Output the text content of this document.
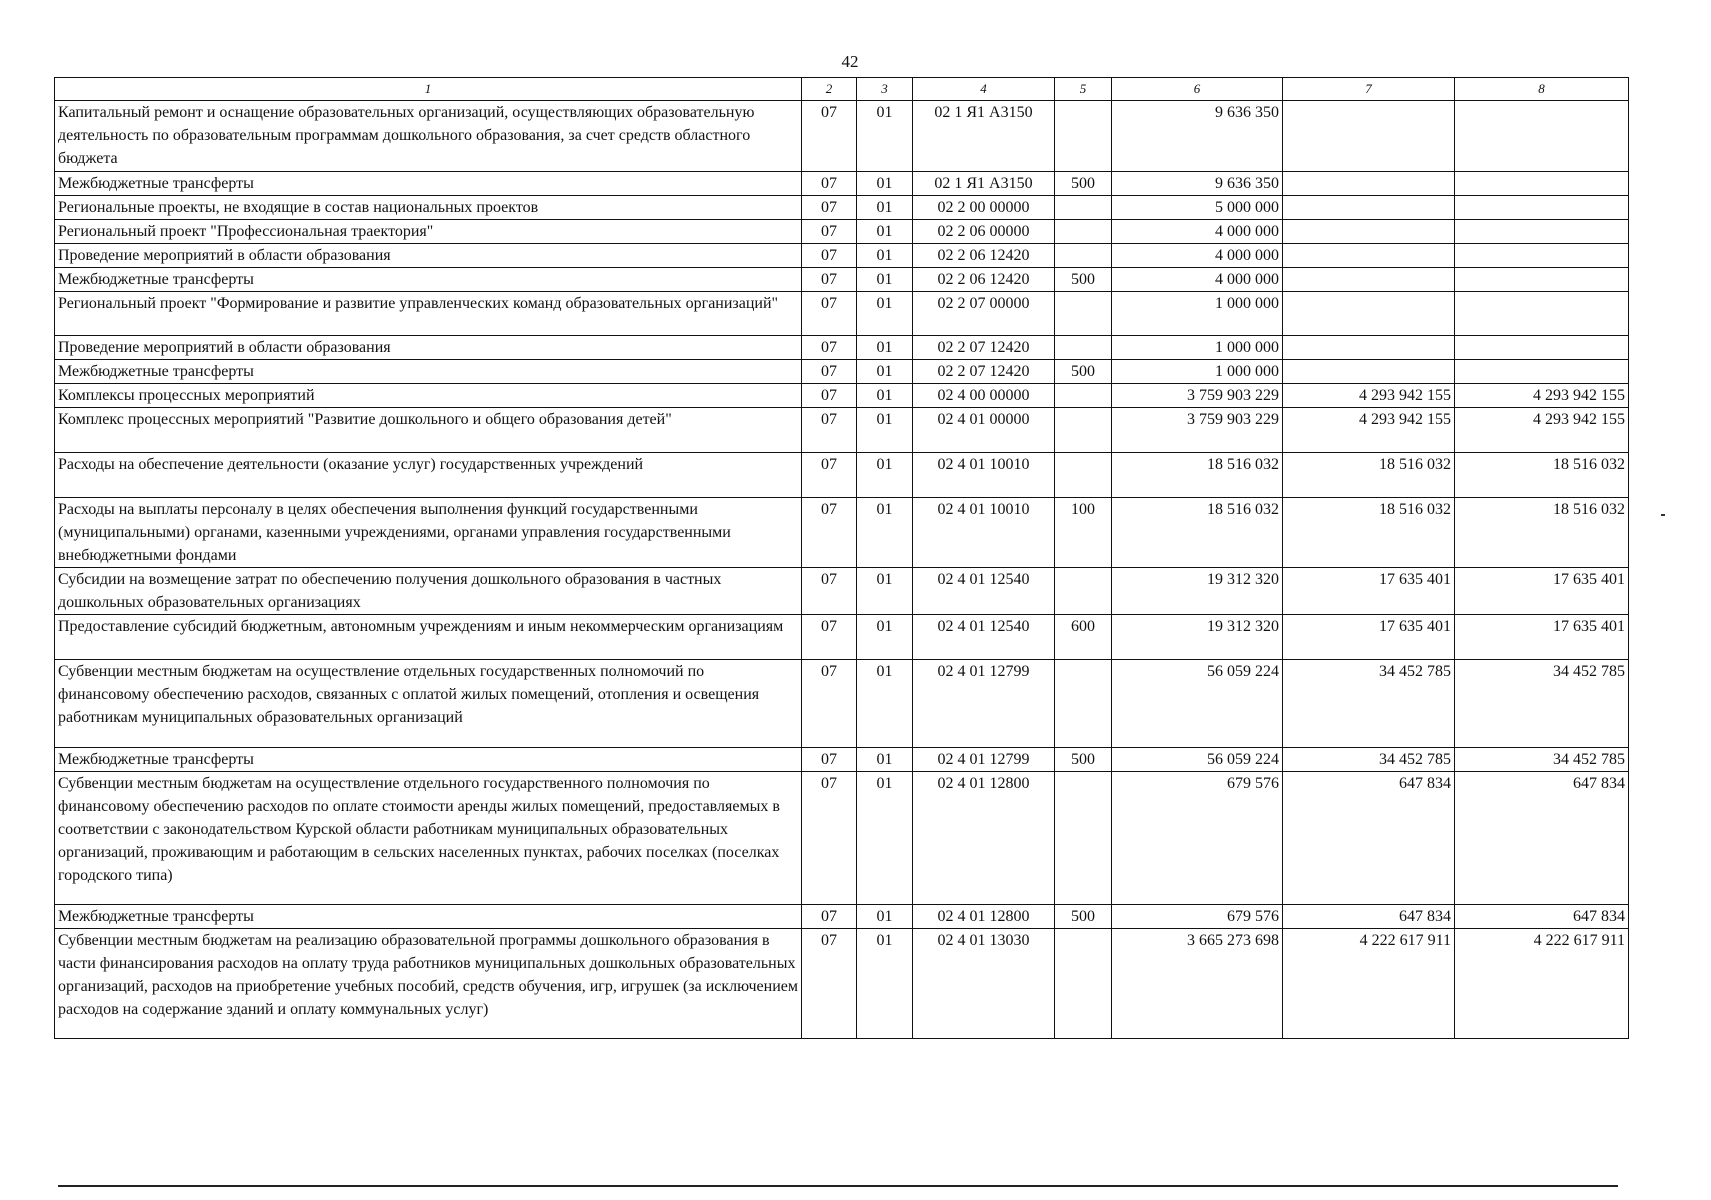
42
1	2	3	4	5	6	7	8
Капитальный ремонт и оснащение образовательных организаций, осуществляющих образовательную деятельность по образовательным программам дошкольного образования, за счет средств областного бюджета	07	01	02 1 Я1 А3150		9 636 350		
Межбюджетные трансферты	07	01	02 1 Я1 А3150	500	9 636 350		
Региональные проекты, не входящие в состав национальных проектов	07	01	02 2 00 00000		5 000 000		
Региональный проект "Профессиональная траектория"	07	01	02 2 06 00000		4 000 000		
Проведение мероприятий в области образования	07	01	02 2 06 12420		4 000 000		
Межбюджетные трансферты	07	01	02 2 06 12420	500	4 000 000		
Региональный проект "Формирование и развитие управленческих команд образовательных организаций"	07	01	02 2 07 00000		1 000 000		
Проведение мероприятий в области образования	07	01	02 2 07 12420		1 000 000		
Межбюджетные трансферты	07	01	02 2 07 12420	500	1 000 000		
Комплексы процессных мероприятий	07	01	02 4 00 00000		3 759 903 229	4 293 942 155	4 293 942 155
Комплекс процессных мероприятий "Развитие дошкольного и общего образования детей"	07	01	02 4 01 00000		3 759 903 229	4 293 942 155	4 293 942 155
Расходы на обеспечение деятельности (оказание услуг) государственных учреждений	07	01	02 4 01 10010		18 516 032	18 516 032	18 516 032
Расходы на выплаты персоналу в целях обеспечения выполнения функций государственными (муниципальными) органами, казенными учреждениями, органами управления государственными внебюджетными фондами	07	01	02 4 01 10010	100	18 516 032	18 516 032	18 516 032
Субсидии на возмещение затрат по обеспечению получения дошкольного образования в частных дошкольных образовательных организациях	07	01	02 4 01 12540		19 312 320	17 635 401	17 635 401
Предоставление субсидий бюджетным, автономным учреждениям и иным некоммерческим организациям	07	01	02 4 01 12540	600	19 312 320	17 635 401	17 635 401
Субвенции местным бюджетам на осуществление отдельных государственных полномочий по финансовому обеспечению расходов, связанных с оплатой жилых помещений, отопления и освещения работникам муниципальных образовательных организаций	07	01	02 4 01 12799		56 059 224	34 452 785	34 452 785
Межбюджетные трансферты	07	01	02 4 01 12799	500	56 059 224	34 452 785	34 452 785
Субвенции местным бюджетам на осуществление отдельного государственного полномочия по финансовому обеспечению расходов по оплате стоимости аренды жилых помещений, предоставляемых в соответствии с законодательством Курской области работникам муниципальных образовательных организаций, проживающим и работающим в сельских населенных пунктах, рабочих поселках (поселках городского типа)	07	01	02 4 01 12800		679 576	647 834	647 834
Межбюджетные трансферты	07	01	02 4 01 12800	500	679 576	647 834	647 834
Субвенции местным бюджетам на реализацию образовательной программы дошкольного образования в части финансирования расходов на оплату труда работников муниципальных дошкольных образовательных организаций, расходов на приобретение учебных пособий, средств обучения, игр, игрушек (за исключением расходов на содержание зданий и оплату коммунальных услуг)	07	01	02 4 01 13030		3 665 273 698	4 222 617 911	4 222 617 911
